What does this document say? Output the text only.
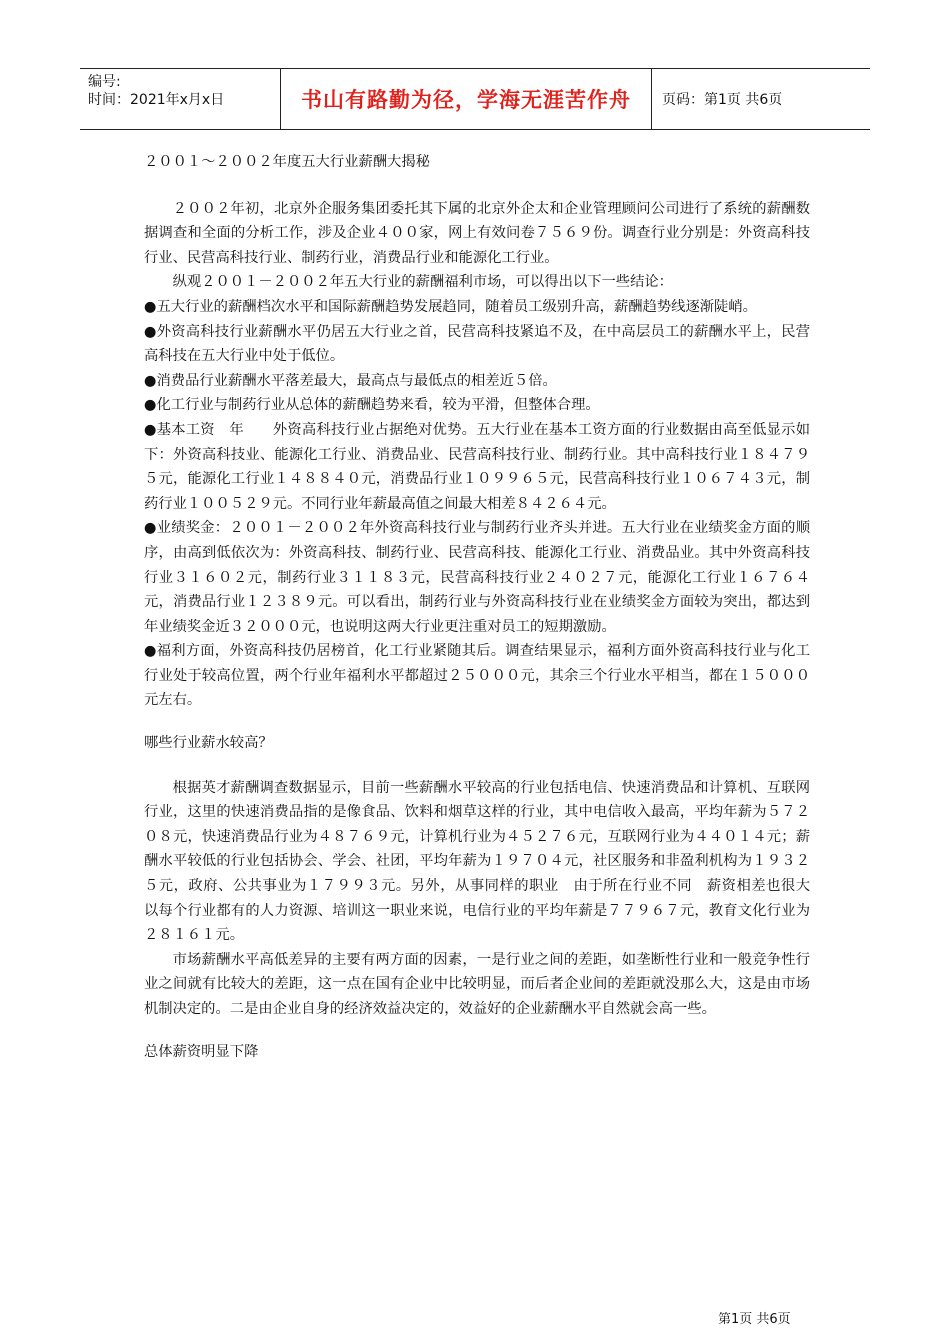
编号:
时间：2021年x月x日	书山有路勤为径，学海无涯苦作舟	页码：第1页 共6页

２００１～２００２年度五大行业薪酬大揭秘

２００２年初，北京外企服务集团委托其下属的北京外企太和企业管理顾问公司进行了系统的薪酬数据调查和全面的分析工作，涉及企业４００家，网上有效问卷７５６９份。调查行业分别是：外资高科技行业、民营高科技行业、制药行业，消费品行业和能源化工行业。

纵观２００１－２００２年五大行业的薪酬福利市场，可以得出以下一些结论：

●五大行业的薪酬档次水平和国际薪酬趋势发展趋同，随着员工级别升高，薪酬趋势线逐渐陡峭。

●外资高科技行业薪酬水平仍居五大行业之首，民营高科技紧追不及，在中高层员工的薪酬水平上，民营高科技在五大行业中处于低位。

●消费品行业薪酬水平落差最大，最高点与最低点的相差近５倍。

●化工行业与制药行业从总体的薪酬趋势来看，较为平滑，但整体合理。

●基本工资　年　　外资高科技行业占据绝对优势。五大行业在基本工资方面的行业数据由高至低显示如下：外资高科技业、能源化工行业、消费品业、民营高科技行业、制药行业。其中高科技行业１８４７９５元，能源化工行业１４８８４０元，消费品行业１０９９６５元，民营高科技行业１０６７４３元，制药行业１００５２９元。不同行业年薪最高值之间最大相差８４２６４元。

●业绩奖金：２００１－２００２年外资高科技行业与制药行业齐头并进。五大行业在业绩奖金方面的顺序，由高到低依次为：外资高科技、制药行业、民营高科技、能源化工行业、消费品业。其中外资高科技行业３１６０２元，制药行业３１１８３元，民营高科技行业２４０２７元，能源化工行业１６７６４元，消费品行业１２３８９元。可以看出，制药行业与外资高科技行业在业绩奖金方面较为突出，都达到年业绩奖金近３２０００元，也说明这两大行业更注重对员工的短期激励。

●福利方面，外资高科技仍居榜首，化工行业紧随其后。调查结果显示，福利方面外资高科技行业与化工行业处于较高位置，两个行业年福利水平都超过２５０００元，其余三个行业水平相当，都在１５０００元左右。

哪些行业薪水较高？

根据英才薪酬调查数据显示，目前一些薪酬水平较高的行业包括电信、快速消费品和计算机、互联网行业，这里的快速消费品指的是像食品、饮料和烟草这样的行业，其中电信收入最高，平均年薪为５７２０８元，快速消费品行业为４８７６９元，计算机行业为４５２７６元，互联网行业为４４０１４元；薪酬水平较低的行业包括协会、学会、社团，平均年薪为１９７０４元，社区服务和非盈利机构为１９３２５元，政府、公共事业为１７９９３元。另外，从事同样的职业　由于所在行业不同　薪资相差也很大　以每个行业都有的人力资源、培训这一职业来说，电信行业的平均年薪是７７９６７元，教育文化行业为２８１６１元。

市场薪酬水平高低差异的主要有两方面的因素，一是行业之间的差距，如垄断性行业和一般竞争性行业之间就有比较大的差距，这一点在国有企业中比较明显，而后者企业间的差距就没那么大，这是由市场机制决定的。二是由企业自身的经济效益决定的，效益好的企业薪酬水平自然就会高一些。

总体薪资明显下降

第1页 共6页
